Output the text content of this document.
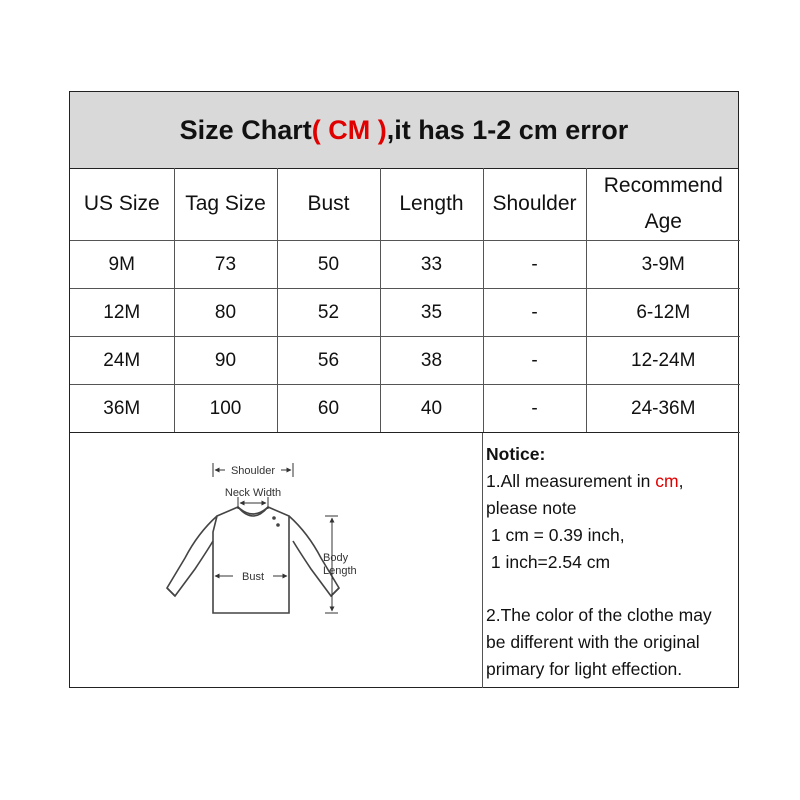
Size Chart ( CM ) ,it has 1-2 cm error
US Size	Tag Size	Bust	Length	Shoulder	Recommend
Age
9M	73	50	33	-	3-9M
12M	80	52	35	-	6-12M
24M	90	56	38	-	12-24M
36M	100	60	40	-	24-36M
Shoulder
Neck Width
Body
Length
Bust
Notice:
1.All measurement in cm,
please note
1 cm = 0.39 inch,
1 inch=2.54 cm
2.The color of the clothe may
be different with the original
primary for light effection.
